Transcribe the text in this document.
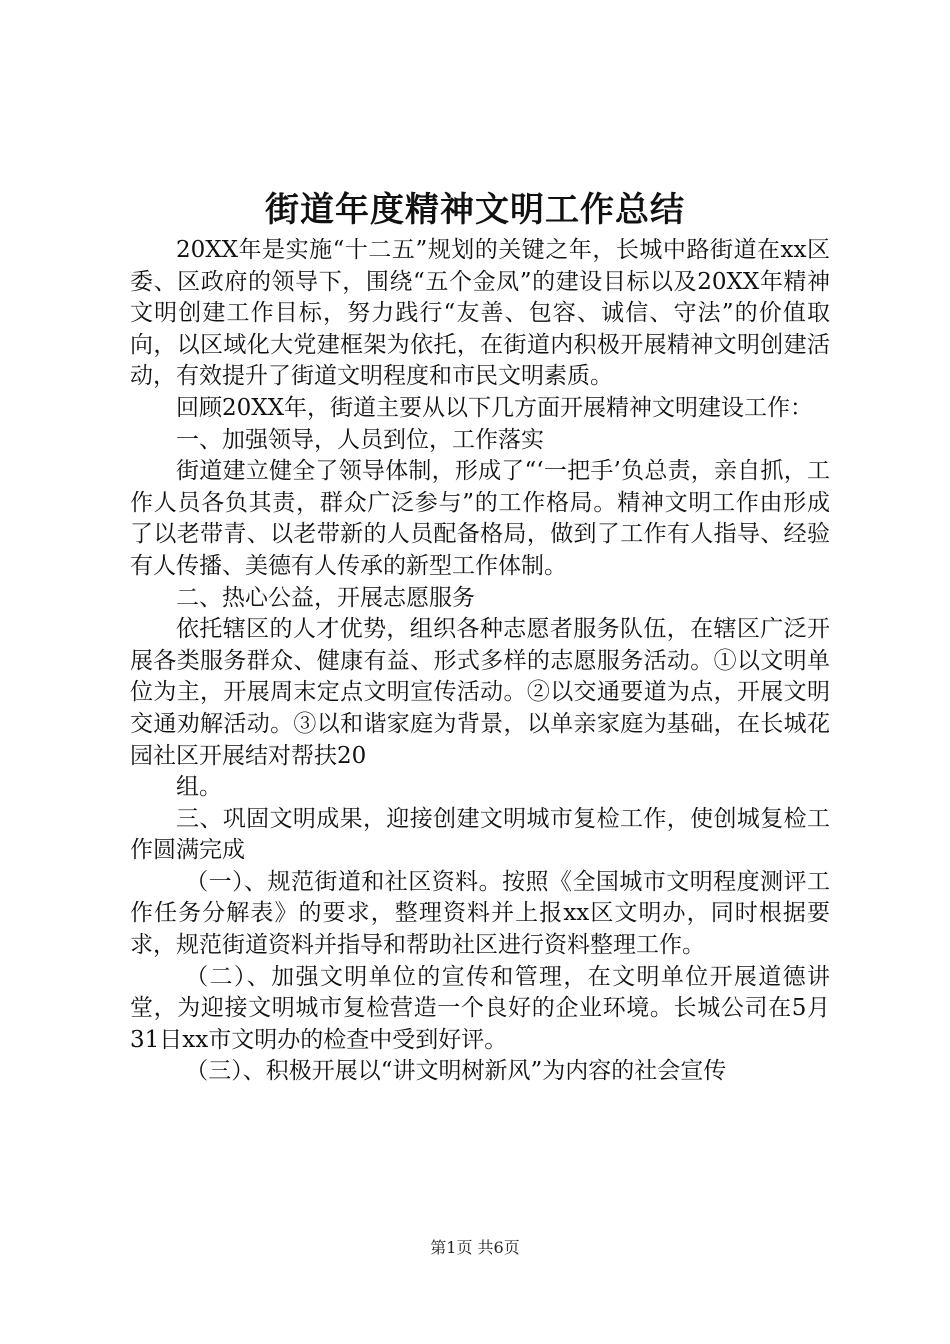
街道年度精神文明工作总结

20XX年是实施“十二五”规划的关键之年，长城中路街道在xx区委、区政府的领导下，围绕“五个金凤”的建设目标以及20XX年精神文明创建工作目标，努力践行“友善、包容、诚信、守法”的价值取向，以区域化大党建框架为依托，在街道内积极开展精神文明创建活动，有效提升了街道文明程度和市民文明素质。

回顾20XX年，街道主要从以下几方面开展精神文明建设工作：

一、加强领导，人员到位，工作落实

街道建立健全了领导体制，形成了“‘一把手’负总责，亲自抓，工作人员各负其责，群众广泛参与”的工作格局。精神文明工作由形成了以老带青、以老带新的人员配备格局，做到了工作有人指导、经验有人传播、美德有人传承的新型工作体制。

二、热心公益，开展志愿服务

依托辖区的人才优势，组织各种志愿者服务队伍，在辖区广泛开展各类服务群众、健康有益、形式多样的志愿服务活动。①以文明单位为主，开展周末定点文明宣传活动。②以交通要道为点，开展文明交通劝解活动。③以和谐家庭为背景，以单亲家庭为基础，在长城花园社区开展结对帮扶20

组。

三、巩固文明成果，迎接创建文明城市复检工作，使创城复检工作圆满完成

（一）、规范街道和社区资料。按照《全国城市文明程度测评工作任务分解表》的要求，整理资料并上报xx区文明办，同时根据要求，规范街道资料并指导和帮助社区进行资料整理工作。

（二）、加强文明单位的宣传和管理，在文明单位开展道德讲堂，为迎接文明城市复检营造一个良好的企业环境。长城公司在5月31日xx市文明办的检查中受到好评。

（三）、积极开展以“讲文明树新风”为内容的社会宣传

第1页 共6页
